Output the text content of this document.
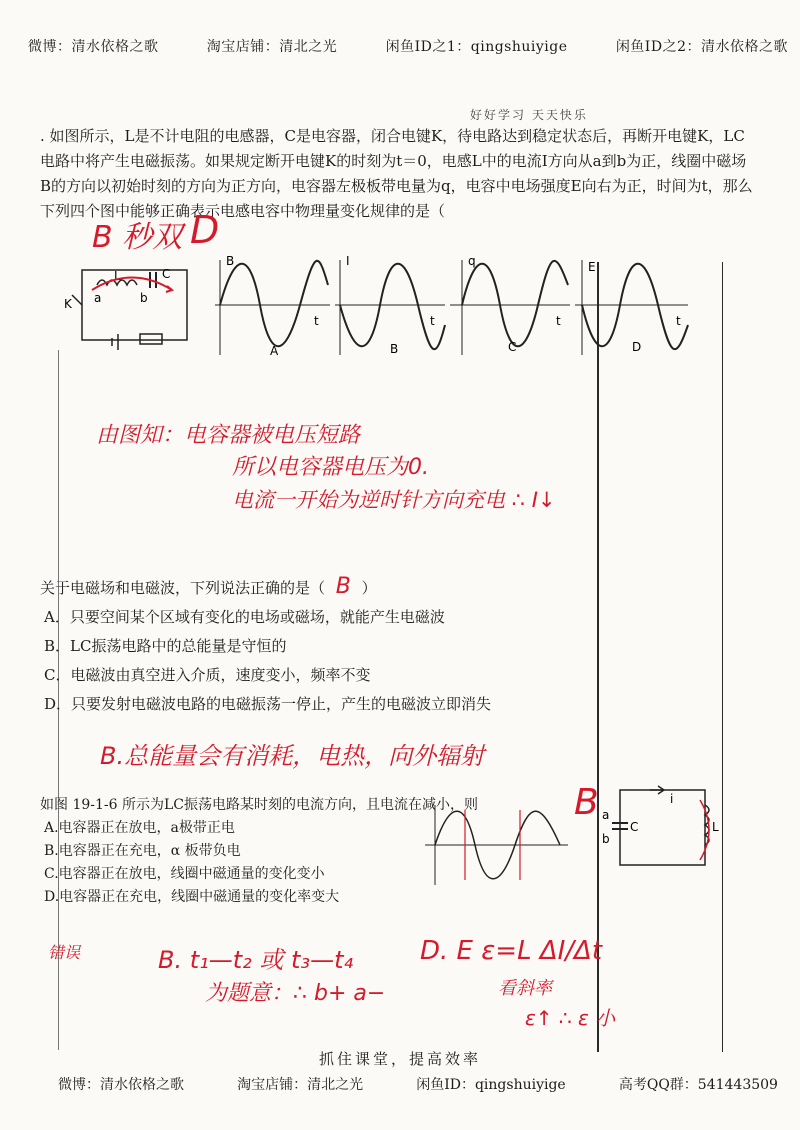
微博：清水依格之歌	淘宝店铺：清北之光	闲鱼ID之1：qingshuiyige	闲鱼ID之2：清水依格之歌
好好学习 天天快乐
. 如图所示，L是不计电阻的电感器，C是电容器，闭合电键K，待电路达到稳定状态后，再断开电键K，LC电路中将产生电磁振荡。如果规定断开电键K的时刻为t＝0，电感L中的电流I方向从a到b为正，线圈中磁场B的方向以初始时刻的方向为正方向，电容器左极板带电量为q，电容中电场强度E向右为正，时间为t，那么下列四个图中能够正确表示电感电容中物理量变化规律的是（
B 秒双 D
L	C
a	b
K
B
t
A
I
t
B
q
t
C
E
t
D
由图知：电容器被电压短路
所以电容器电压为0.
电流一开始为逆时针方向充电 ∴ I↓
关于电磁场和电磁波，下列说法正确的是（ B ）
A．只要空间某个区域有变化的电场或磁场，就能产生电磁波
B．LC振荡电路中的总能量是守恒的
C．电磁波由真空进入介质，速度变小，频率不变
D．只要发射电磁波电路的电磁振荡一停止，产生的电磁波立即消失
B.总能量会有消耗，电热，向外辐射
如图 19-1-6 所示为LC振荡电路某时刻的电流方向，且电流在减小，则
A.电容器正在放电，a极带正电
B.电容器正在充电，α 板带负电
C.电容器正在放电，线圈中磁通量的变化变小
D.电容器正在充电，线圈中磁通量的变化率变大
B a
C
b
L
i
错误	B. t₁—t₂ 或 t₃—t₄
为题意：∴ b+ a−
D. E ε=L ΔI/Δt
看斜率
ε↑ ∴ ε 小
抓住课堂，提高效率
微博：清水依格之歌	淘宝店铺：清北之光	闲鱼ID：qingshuiyige	高考QQ群：541443509
